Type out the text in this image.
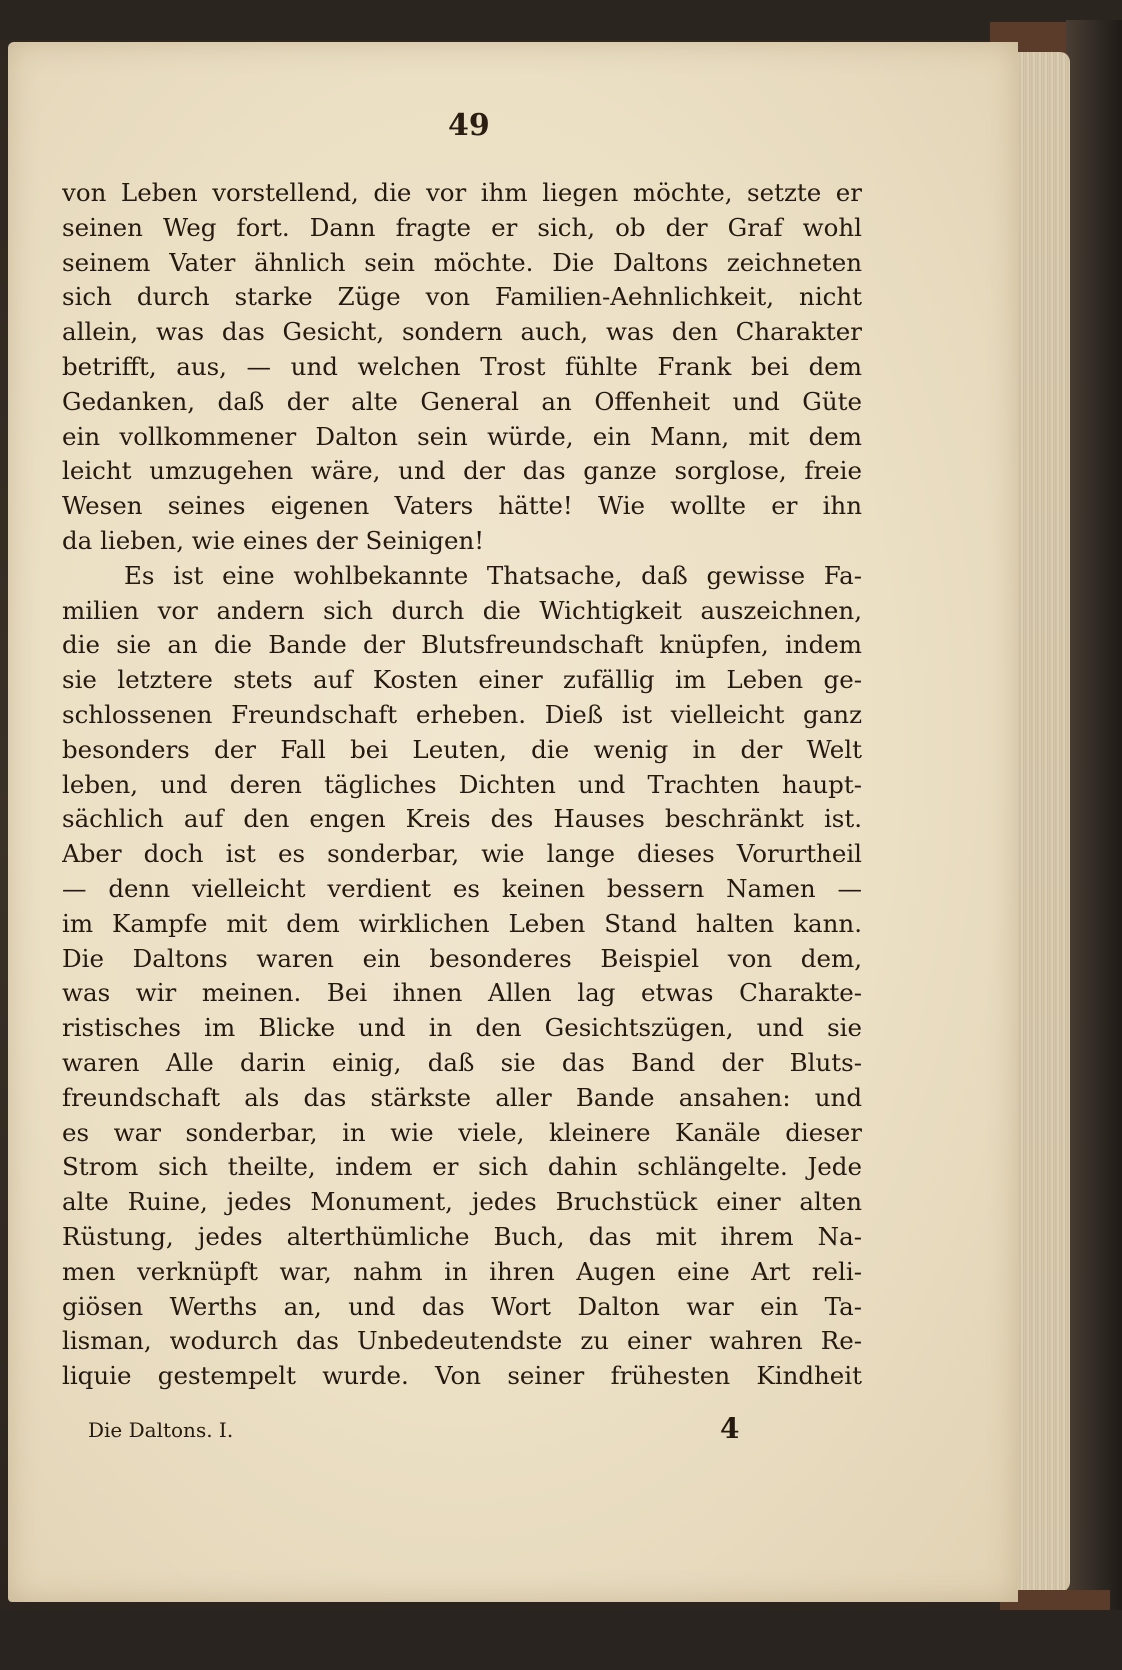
49
von Leben vorstellend, die vor ihm liegen möchte, setzte er
seinen Weg fort. Dann fragte er sich, ob der Graf wohl
seinem Vater ähnlich sein möchte. Die Daltons zeichneten
sich durch starke Züge von Familien-Aehnlichkeit, nicht
allein, was das Gesicht, sondern auch, was den Charakter
betrifft, aus, — und welchen Trost fühlte Frank bei dem
Gedanken, daß der alte General an Offenheit und Güte
ein vollkommener Dalton sein würde, ein Mann, mit dem
leicht umzugehen wäre, und der das ganze sorglose, freie
Wesen seines eigenen Vaters hätte! Wie wollte er ihn
da lieben, wie eines der Seinigen!
Es ist eine wohlbekannte Thatsache, daß gewisse Fa-
milien vor andern sich durch die Wichtigkeit auszeichnen,
die sie an die Bande der Blutsfreundschaft knüpfen, indem
sie letztere stets auf Kosten einer zufällig im Leben ge-
schlossenen Freundschaft erheben. Dieß ist vielleicht ganz
besonders der Fall bei Leuten, die wenig in der Welt
leben, und deren tägliches Dichten und Trachten haupt-
sächlich auf den engen Kreis des Hauses beschränkt ist.
Aber doch ist es sonderbar, wie lange dieses Vorurtheil
— denn vielleicht verdient es keinen bessern Namen —
im Kampfe mit dem wirklichen Leben Stand halten kann.
Die Daltons waren ein besonderes Beispiel von dem,
was wir meinen. Bei ihnen Allen lag etwas Charakte-
ristisches im Blicke und in den Gesichtszügen, und sie
waren Alle darin einig, daß sie das Band der Bluts-
freundschaft als das stärkste aller Bande ansahen: und
es war sonderbar, in wie viele, kleinere Kanäle dieser
Strom sich theilte, indem er sich dahin schlängelte. Jede
alte Ruine, jedes Monument, jedes Bruchstück einer alten
Rüstung, jedes alterthümliche Buch, das mit ihrem Na-
men verknüpft war, nahm in ihren Augen eine Art reli-
giösen Werths an, und das Wort Dalton war ein Ta-
lisman, wodurch das Unbedeutendste zu einer wahren Re-
liquie gestempelt wurde. Von seiner frühesten Kindheit
Die Daltons. I.	4
